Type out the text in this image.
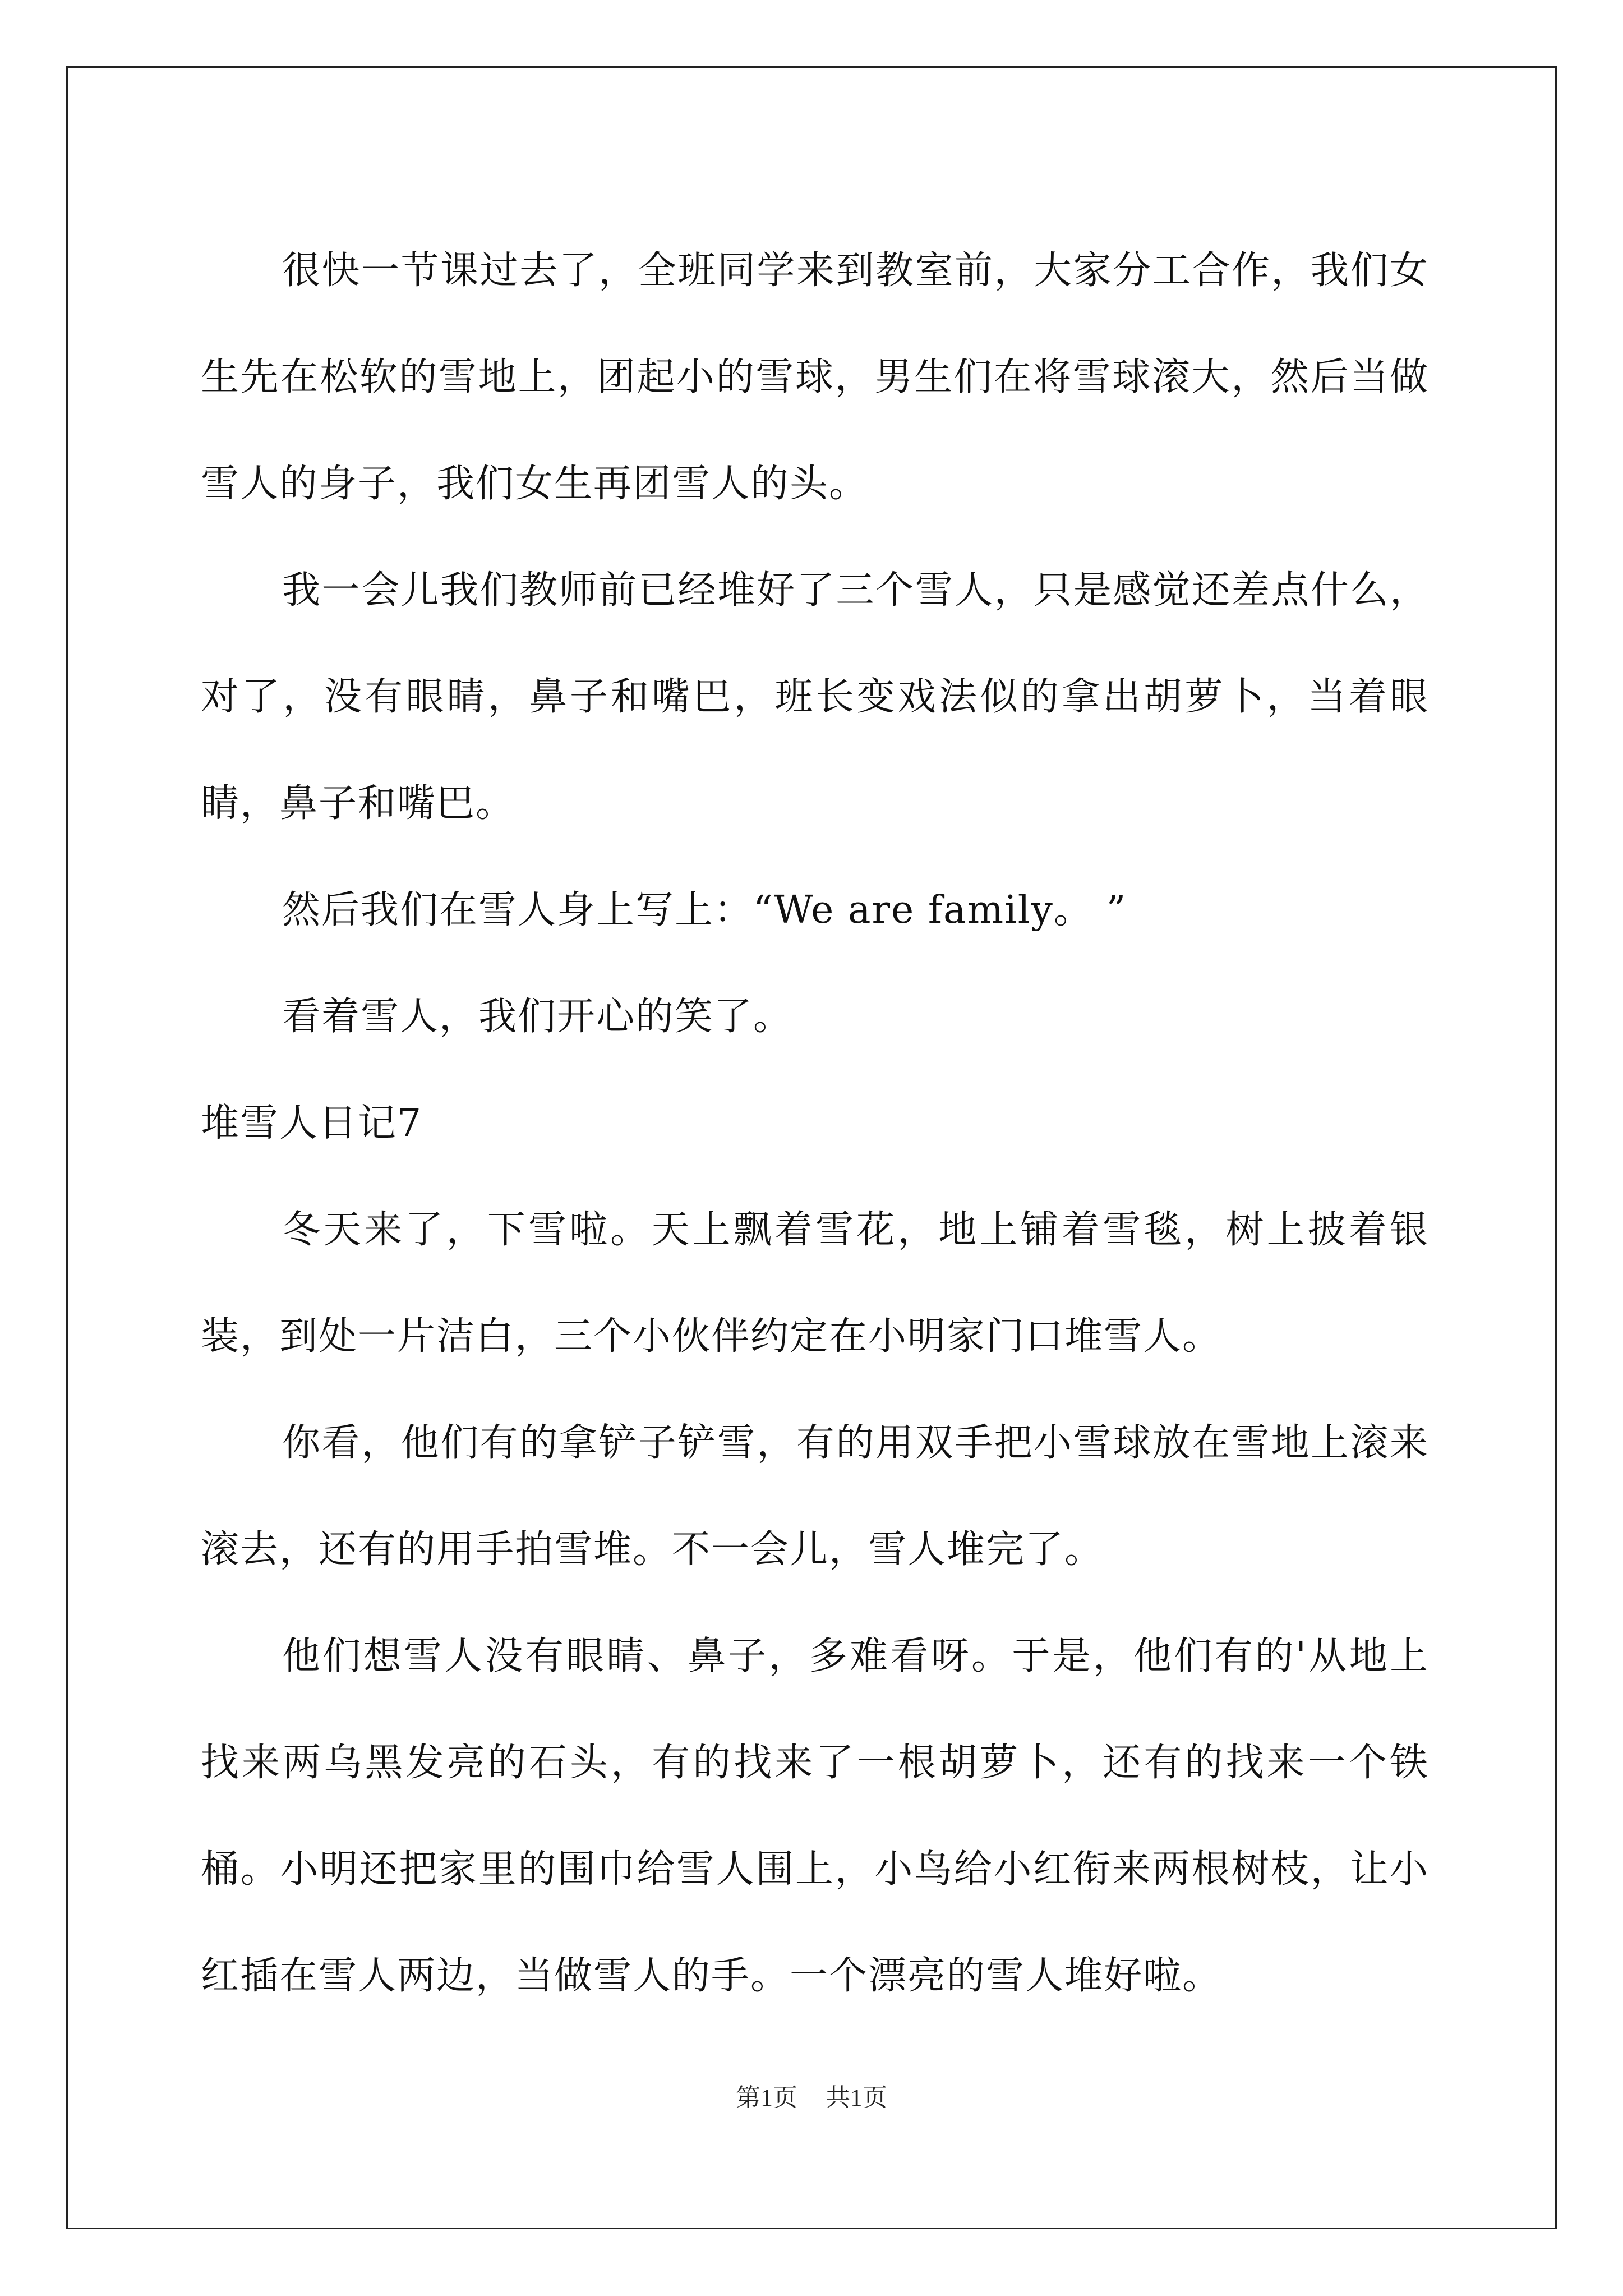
很快一节课过去了，全班同学来到教室前，大家分工合作，我们女生先在松软的雪地上，团起小的雪球，男生们在将雪球滚大，然后当做雪人的身子，我们女生再团雪人的头。

我一会儿我们教师前已经堆好了三个雪人，只是感觉还差点什么，对了，没有眼睛，鼻子和嘴巴，班长变戏法似的拿出胡萝卜，当着眼睛，鼻子和嘴巴。

然后我们在雪人身上写上：“We are family。 ”

看着雪人，我们开心的笑了。

堆雪人日记7

冬天来了，下雪啦。天上飘着雪花，地上铺着雪毯，树上披着银装，到处一片洁白，三个小伙伴约定在小明家门口堆雪人。

你看，他们有的拿铲子铲雪，有的用双手把小雪球放在雪地上滚来滚去，还有的用手拍雪堆。不一会儿，雪人堆完了。

他们想雪人没有眼睛、鼻子，多难看呀。于是，他们有的'从地上找来两乌黑发亮的石头，有的找来了一根胡萝卜，还有的找来一个铁桶。小明还把家里的围巾给雪人围上，小鸟给小红衔来两根树枝，让小红插在雪人两边，当做雪人的手。一个漂亮的雪人堆好啦。

第1页 共1页
